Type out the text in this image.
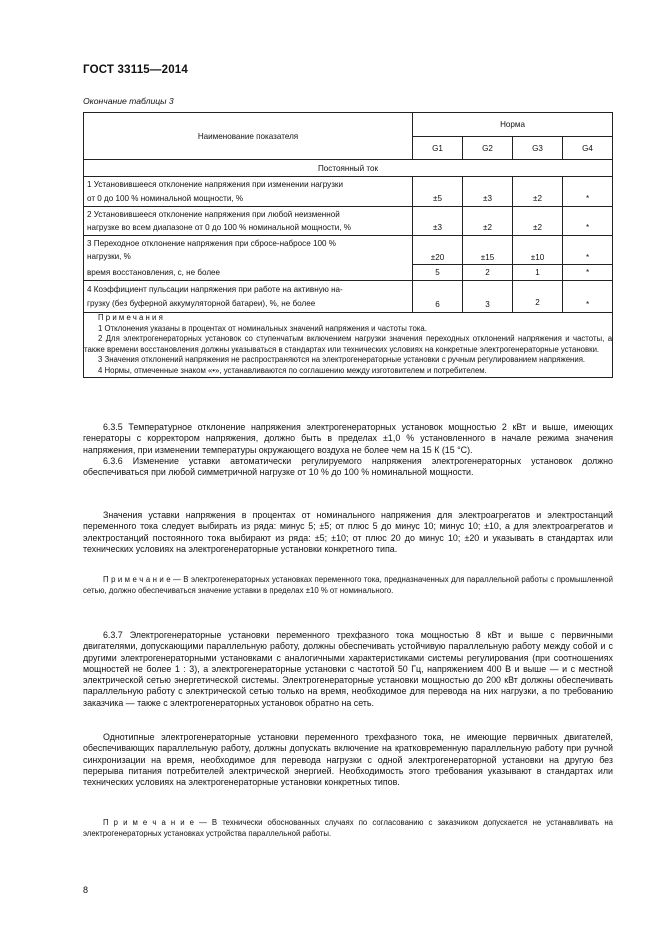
ГОСТ 33115—2014
Окончание таблицы 3
Наименование показателя	Норма			
	G1	G2	G3	G4
Постоянный ток				

1 Установившееся отклонение напряжения при изменении нагрузки
от 0 до 100 % номинальной мощности, %	±5	±3	±2	*

2 Установившееся отклонение напряжения при любой неизменной
нагрузке во всем диапазоне от 0 до 100 % номинальной мощности, %	±3	±2	±2	*

3 Переходное отклонение напряжения при сбросе-набросе 100 %
нагрузки, %	±20	±15	±10	*
время восстановления, с, не более	5	2	1	*

4 Коэффициент пульсации напряжения при работе на активную на-
грузку (без буферной аккумуляторной батареи), %, не более	6	3	2	*

Примечания
1 Отклонения указаны в процентах от номинальных значений напряжения и частоты тока.
2 Для электрогенераторных установок со ступенчатым включением нагрузки значения переходных отклонений напряжения и частоты, а также времени восстановления должны указываться в стандартах или технических условиях на конкретные электрогенераторные установки.
3 Значения отклонений напряжения не распространяются на электрогенераторные установки с ручным регулированием напряжения.
4 Нормы, отмеченные знаком «•», устанавливаются по соглашению между изготовителем и потребителем.				

6.3.5 Температурное отклонение напряжения электрогенераторных установок мощностью 2 кВт и выше, имеющих генераторы с корректором напряжения, должно быть в пределах ±1,0 % установленного в начале режима значения напряжения, при изменении температуры окружающего воздуха не более чем на 15 К (15 °С).

6.3.6 Изменение уставки автоматически регулируемого напряжения электрогенераторных установок должно обеспечиваться при любой симметричной нагрузке от 10 % до 100 % номинальной мощности.

Значения уставки напряжения в процентах от номинального напряжения для электроагрегатов и электростанций переменного тока следует выбирать из ряда: минус 5; ±5; от плюс 5 до минус 10; минус 10; ±10, а для электроагрегатов и электростанций постоянного тока выбирают из ряда: ±5; ±10; от плюс 20 до минус 10; ±20 и указывать в стандартах или технических условиях на электрогенераторные установки конкретного типа.

П р и м е ч а н и е — В электрогенераторных установках переменного тока, предназначенных для параллельной работы с промышленной сетью, должно обеспечиваться значение уставки в пределах ±10 % от номинального.

6.3.7 Электрогенераторные установки переменного трехфазного тока мощностью 8 кВт и выше с первичными двигателями, допускающими параллельную работу, должны обеспечивать устойчивую параллельную работу между собой и с другими электрогенераторными установками с аналогичными характеристиками системы регулирования (при соотношениях мощностей не более 1 : 3), а электрогенераторные установки с частотой 50 Гц, напряжением 400 В и выше — и с местной электрической сетью энергетической системы. Электрогенераторные установки мощностью до 200 кВт должны обеспечивать параллельную работу с электрической сетью только на время, необходимое для перевода на них нагрузки, а по требованию заказчика — также с электрогенераторных установок обратно на сеть.

Однотипные электрогенераторные установки переменного трехфазного тока, не имеющие первичных двигателей, обеспечивающих параллельную работу, должны допускать включение на кратковременную параллельную работу при ручной синхронизации на время, необходимое для перевода нагрузки с одной электрогенераторной установки на другую без перерыва питания потребителей электрической энергией. Необходимость этого требования указывают в стандартах или технических условиях на электрогенераторные установки конкретных типов.

П р и м е ч а н и е — В технически обоснованных случаях по согласованию с заказчиком допускается не устанавливать на электрогенераторных установках устройства параллельной работы.

8
